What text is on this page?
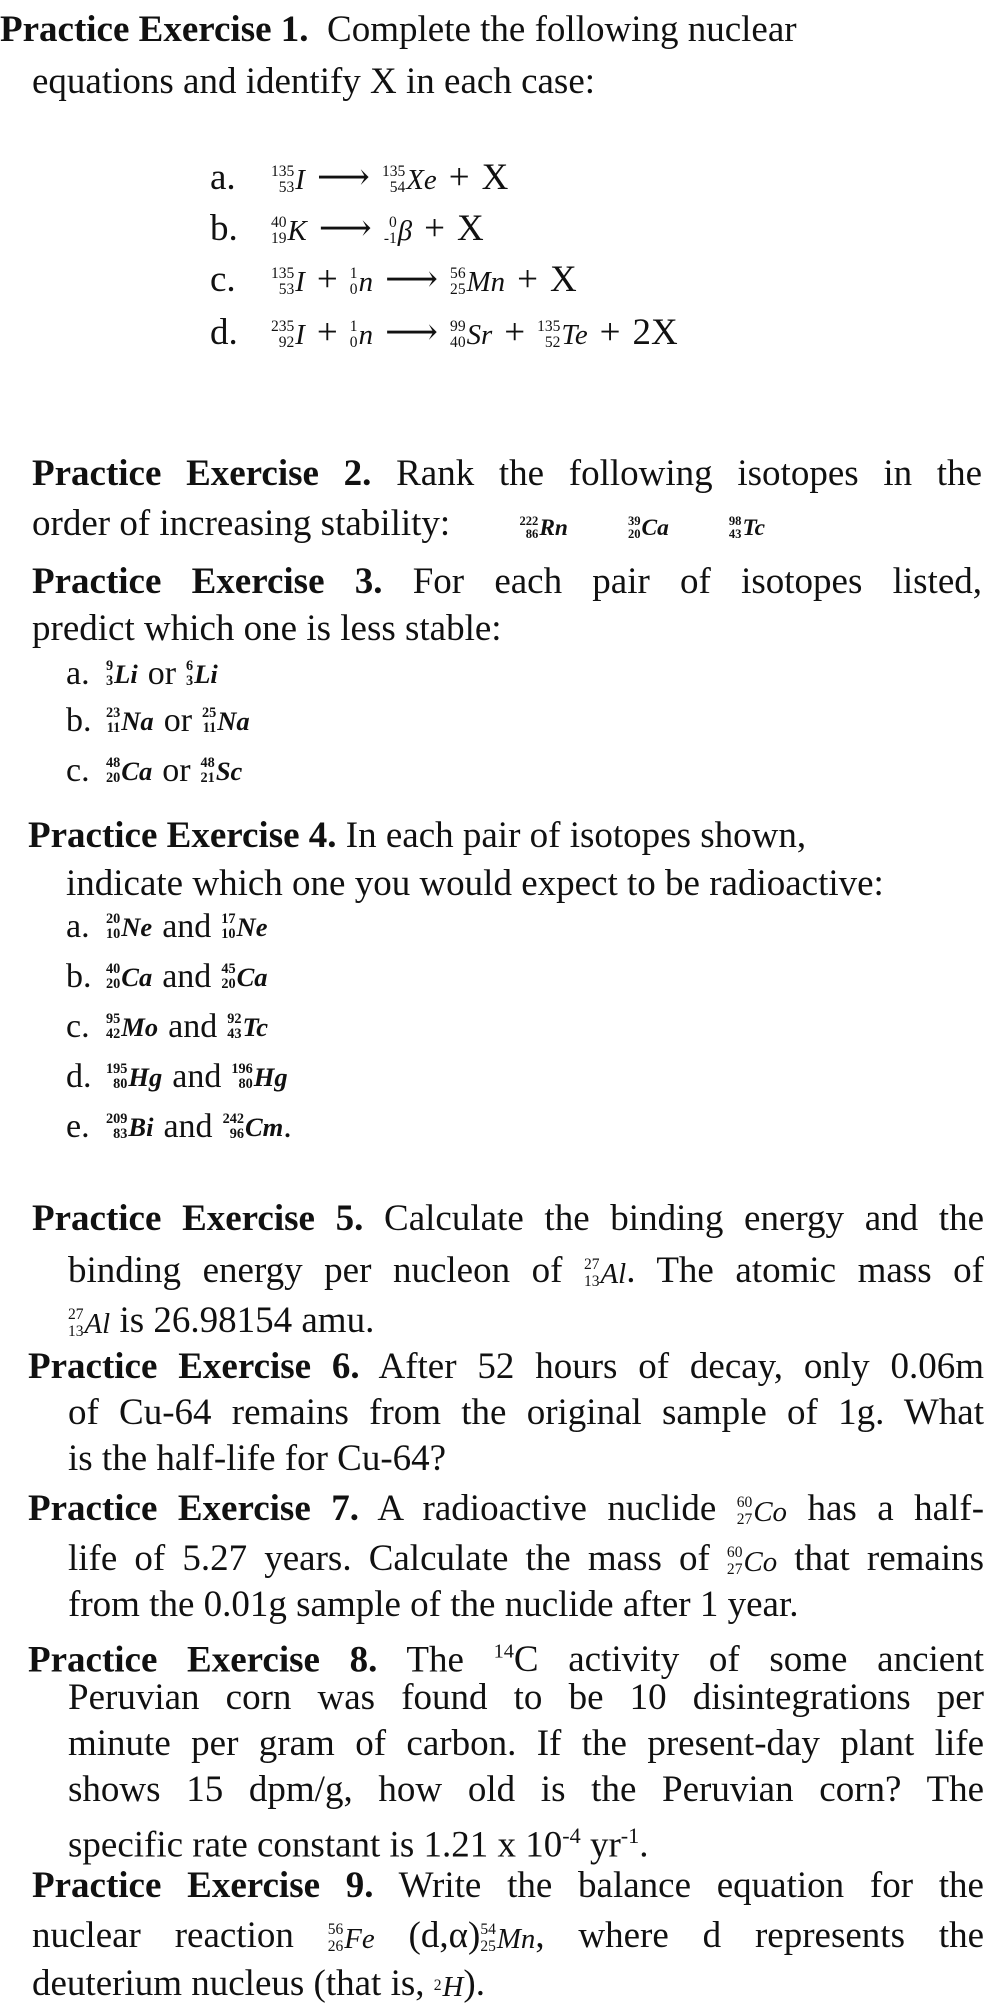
Practice Exercise 1. Complete the following nuclear
equations and identify X in each case:
a.	135
53 I ⟶ 135
54 Xe + X
b.	40
19 K ⟶ 0
-1 β + X
c.	135
53 I + 1
0 n ⟶ 56
25 Mn + X
d.	235
92 I + 1
0 n ⟶ 99
40 Sr + 135
52 Te + 2X
Practice Exercise 2. Rank the following isotopes in the
order of increasing stability:	222
86 Rn	39
20 Ca	98
43 Tc
Practice Exercise 3. For each pair of isotopes listed,
predict which one is less stable:
a.	9
3 Li or 6
3 Li
b.	23
11 Na or 25
11 Na
c.	48
20 Ca or 48
21 Sc
Practice Exercise 4. In each pair of isotopes shown,
indicate which one you would expect to be radioactive:
a.	20
10 Ne and 17
10 Ne
b.	40
20 Ca and 45
20 Ca
c.	95
42 Mo and 92
43 Tc
d.	195
80 Hg and 196
80 Hg
e.	209
83 Bi and 242
96 Cm .
Practice Exercise 5. Calculate the binding energy and the
binding energy per nucleon of 27
13 Al . The atomic mass of
27
13 Al is 26.98154 amu.
Practice Exercise 6. After 52 hours of decay, only 0.06m
of Cu-64 remains from the original sample of 1g. What
is the half-life for Cu-64?
Practice Exercise 7. A radioactive nuclide 60
27 Co has a half-
life of 5.27 years. Calculate the mass of 60
27 Co that remains
from the 0.01g sample of the nuclide after 1 year.
Practice Exercise 8. The $^{14}$C activity of some ancient
Peruvian corn was found to be 10 disintegrations per
minute per gram of carbon. If the present-day plant life
shows 15 dpm/g, how old is the Peruvian corn? The
specific rate constant is 1.21 x $10^{-4}$ $yr^{-1}$.
Practice Exercise 9. Write the balance equation for the
nuclear reaction 56
26 Fe (d,α) 54
25 Mn , where d represents the
deuterium nucleus (that is, 2 H ).
